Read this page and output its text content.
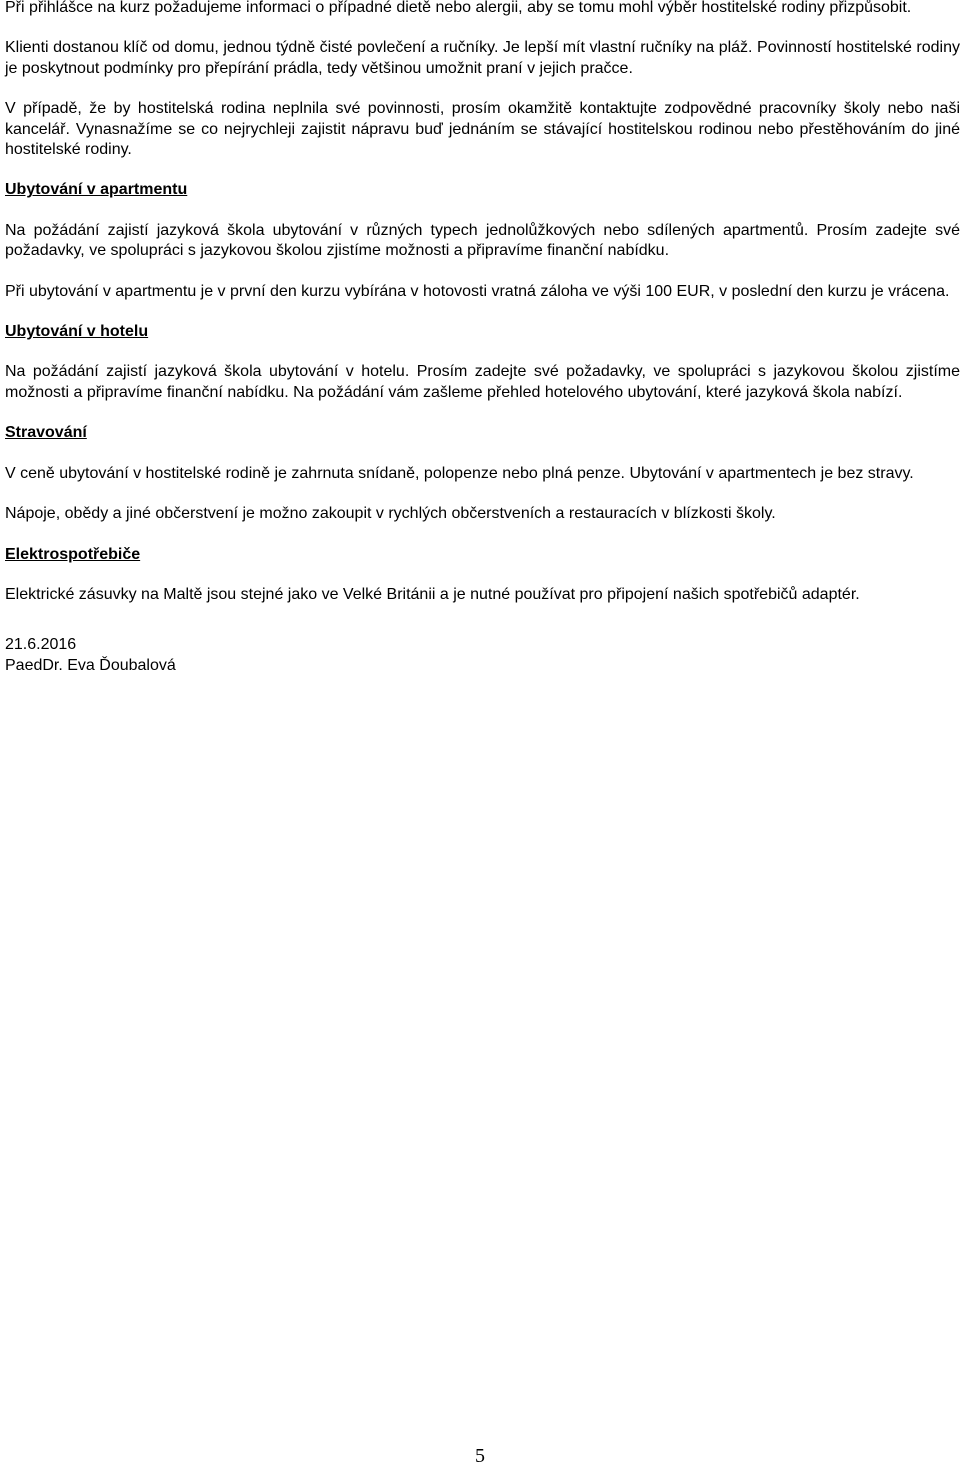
Při přihlášce na kurz požadujeme informaci o případné dietě nebo alergii, aby se tomu mohl výběr hostitelské rodiny přizpůsobit.

Klienti dostanou klíč od domu, jednou týdně čisté povlečení a ručníky. Je lepší mít vlastní ručníky na pláž. Povinností hostitelské rodiny je poskytnout podmínky pro přepírání prádla, tedy většinou umožnit praní v jejich pračce.

V případě, že by hostitelská rodina neplnila své povinnosti, prosím okamžitě kontaktujte zodpovědné pracovníky školy nebo naši kancelář. Vynasnažíme se co nejrychleji zajistit nápravu buď jednáním se stávající hostitelskou rodinou nebo přestěhováním do jiné hostitelské rodiny.

Ubytování v apartmentu

Na požádání zajistí jazyková škola ubytování v různých typech jednolůžkových nebo sdílených apartmentů. Prosím zadejte své požadavky, ve spolupráci s jazykovou školou zjistíme možnosti a připravíme finanční nabídku.

Při ubytování v apartmentu je v první den kurzu vybírána v hotovosti vratná záloha ve výši 100 EUR, v poslední den kurzu je vrácena.

Ubytování v hotelu

Na požádání zajistí jazyková škola ubytování v hotelu. Prosím zadejte své požadavky, ve spolupráci s jazykovou školou zjistíme možnosti a připravíme finanční nabídku. Na požádání vám zašleme přehled hotelového ubytování, které jazyková škola nabízí.

Stravování

V ceně ubytování v hostitelské rodině je zahrnuta snídaně, polopenze nebo plná penze. Ubytování v apartmentech je bez stravy.

Nápoje, obědy a jiné občerstvení je možno zakoupit v rychlých občerstveních a restauracích v blízkosti školy.

Elektrospotřebiče

Elektrické zásuvky na Maltě jsou stejné jako ve Velké Británii a je nutné používat pro připojení našich spotřebičů adaptér.

21.6.2016
PaedDr. Eva Ďoubalová
5
